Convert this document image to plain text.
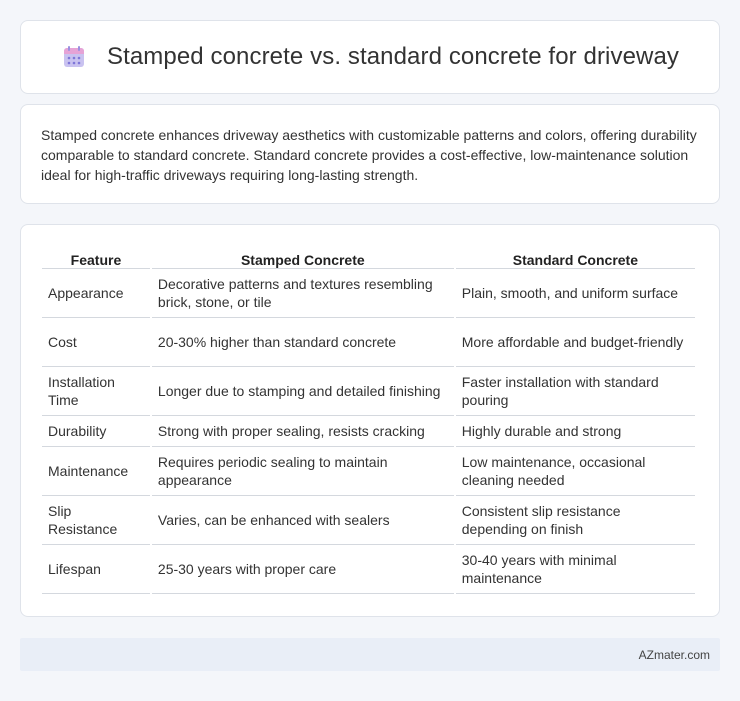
Stamped concrete vs. standard concrete for driveway

Stamped concrete enhances driveway aesthetics with customizable patterns and colors, offering durability comparable to standard concrete. Standard concrete provides a cost-effective, low-maintenance solution ideal for high-traffic driveways requiring long-lasting strength.

Feature	Stamped Concrete	Standard Concrete
Appearance	Decorative patterns and textures resembling brick, stone, or tile	Plain, smooth, and uniform surface
Cost	20-30% higher than standard concrete	More affordable and budget-friendly
Installation Time	Longer due to stamping and detailed finishing	Faster installation with standard pouring
Durability	Strong with proper sealing, resists cracking	Highly durable and strong
Maintenance	Requires periodic sealing to maintain appearance	Low maintenance, occasional cleaning needed
Slip Resistance	Varies, can be enhanced with sealers	Consistent slip resistance depending on finish
Lifespan	25-30 years with proper care	30-40 years with minimal maintenance
AZmater.com
